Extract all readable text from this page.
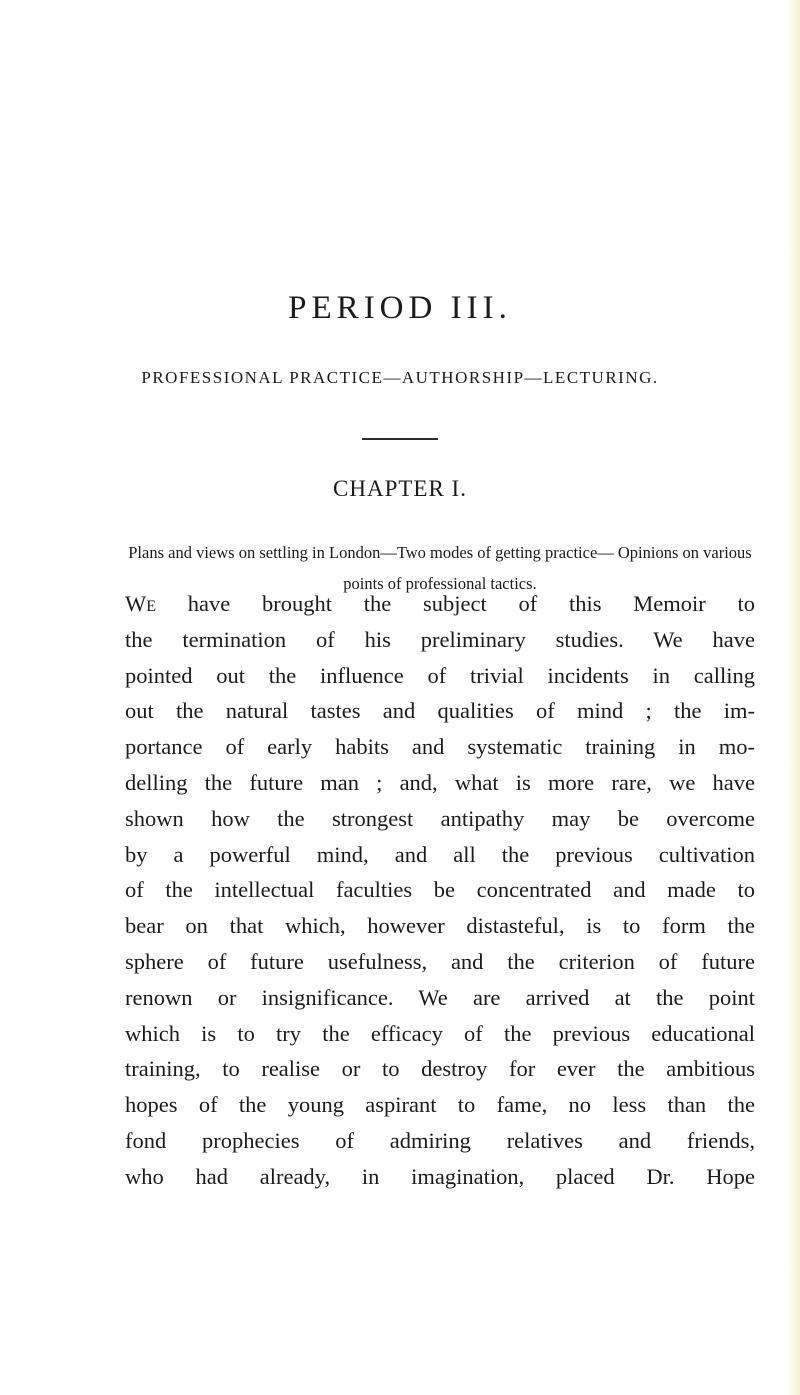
PERIOD III.

PROFESSIONAL PRACTICE—AUTHORSHIP—LECTURING.

CHAPTER I.

Plans and views on settling in London—Two modes of getting practice— Opinions on various points of professional tactics.

We have brought the subject of this Memoir to
the termination of his preliminary studies. We have
pointed out the influence of trivial incidents in calling
out the natural tastes and qualities of mind ; the im-
portance of early habits and systematic training in mo-
delling the future man ; and, what is more rare, we have
shown how the strongest antipathy may be overcome
by a powerful mind, and all the previous cultivation
of the intellectual faculties be concentrated and made to
bear on that which, however distasteful, is to form the
sphere of future usefulness, and the criterion of future
renown or insignificance. We are arrived at the point
which is to try the efficacy of the previous educational
training, to realise or to destroy for ever the ambitious
hopes of the young aspirant to fame, no less than the
fond prophecies of admiring relatives and friends,
who had already, in imagination, placed Dr. Hope
